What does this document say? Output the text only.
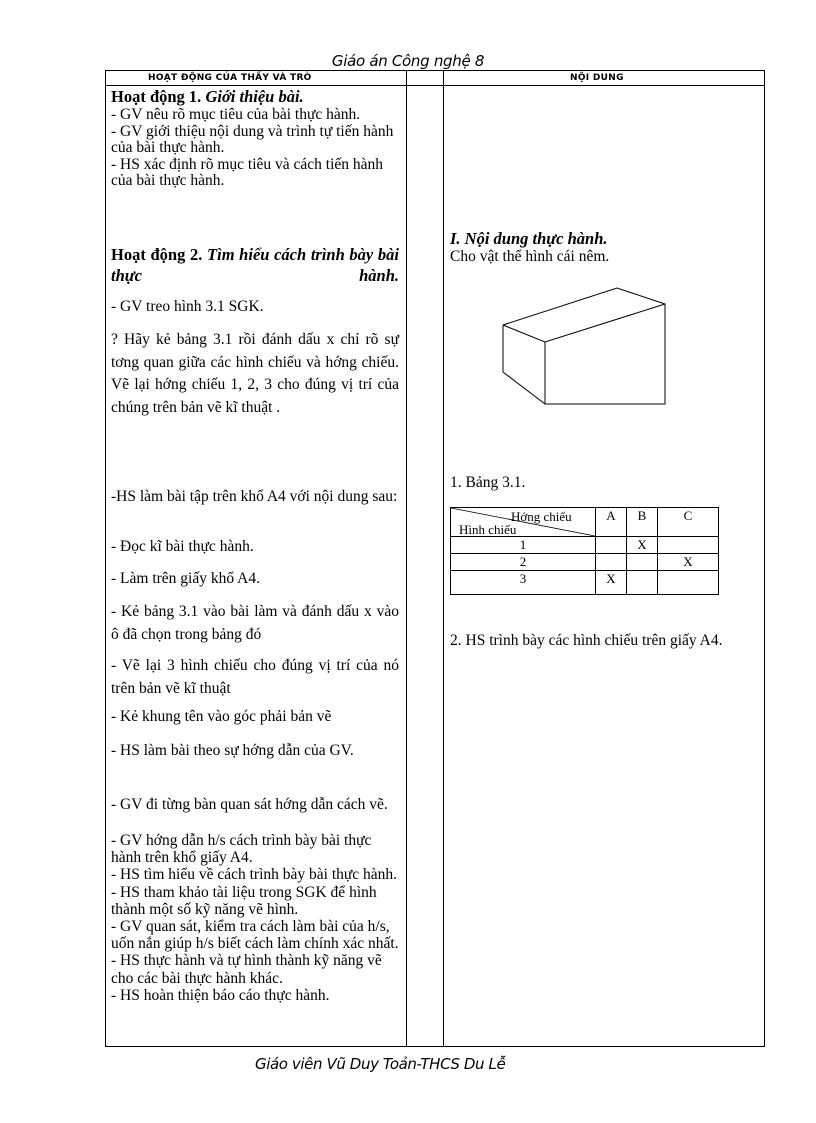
Giáo án Công nghệ 8
HOẠT ĐỘNG CỦA THẦY VÀ TRÒ	NỘI DUNG
Hoạt động 1. Giới thiệu bài.

- GV nêu rõ mục tiêu của bài thực hành.

- GV giới thiệu nội dung và trình tự tiến hành của bài thực hành.

- HS xác định rõ mục tiêu và cách tiến hành của bài thực hành.

Hoạt động 2. Tìm hiểu cách trình bày bài thực hành.
- GV treo hình 3.1 SGK.
? Hãy kẻ bảng 3.1 rồi đánh dấu x chỉ rõ sự tơng quan giữa các hình chiếu và hớng chiếu. Vẽ lại hớng chiếu 1, 2, 3 cho đúng vị trí của chúng trên bản vẽ kĩ thuật .
-HS làm bài tập trên khổ A4 với nội dung sau:
- Đọc kĩ bài thực hành.
- Làm trên giấy khổ A4.
- Kẻ bảng 3.1 vào bài làm và đánh dấu x vào ô đã chọn trong bảng đó
- Vẽ lại 3 hình chiếu cho đúng vị trí của nó trên bản vẽ kĩ thuật
- Kẻ khung tên vào góc phải bản vẽ
- HS làm bài theo sự hớng dẫn của GV.
- GV đi từng bàn quan sát hớng dẫn cách vẽ.

- GV hớng dẫn h/s cách trình bày bài thực hành trên khổ giấy A4.

- HS tìm hiểu về cách trình bày bài thực hành.

- HS tham khảo tài liệu trong SGK để hình thành một số kỹ năng vẽ hình.

- GV quan sát, kiểm tra cách làm bài của h/s, uốn nắn giúp h/s biết cách làm chính xác nhất.

- HS thực hành và tự hình thành kỹ năng vẽ cho các bài thực hành khác.

- HS hoàn thiện báo cáo thực hành.

I. Nội dung thực hành.
Cho vật thể hình cái nêm.
1. Bảng 3.1.
Hớng chiếu
Hình chiếu	A	B	C
1		X	
2			X
3	X		
2. HS trình bày các hình chiếu trên giấy A4.
Giáo viên Vũ Duy Toản-THCS Du Lễ
